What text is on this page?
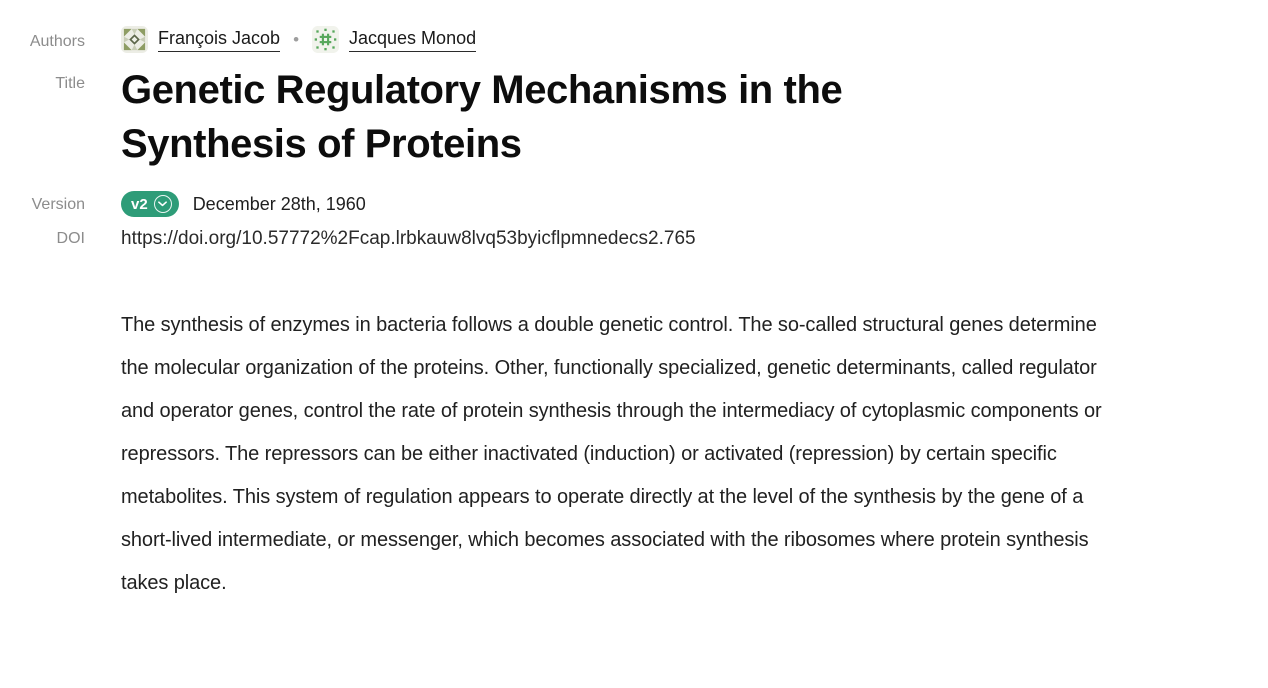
Authors	François Jacob •	Jacques Monod
Title Genetic Regulatory Mechanisms in the Synthesis of Proteins
Version	v2	December 28th, 1960
DOI https://doi.org/10.57772%2Fcap.lrbkauw8lvq53byicflpmnedecs2.765

The synthesis of enzymes in bacteria follows a double genetic control. The so-called structural genes determine the molecular organization of the proteins. Other, functionally specialized, genetic determinants, called regulator and operator genes, control the rate of protein synthesis through the intermediacy of cytoplasmic components or repressors. The repressors can be either inactivated (induction) or activated (repression) by certain specific metabolites. This system of regulation appears to operate directly at the level of the synthesis by the gene of a short-lived intermediate, or messenger, which becomes associated with the ribosomes where protein synthesis takes place.
